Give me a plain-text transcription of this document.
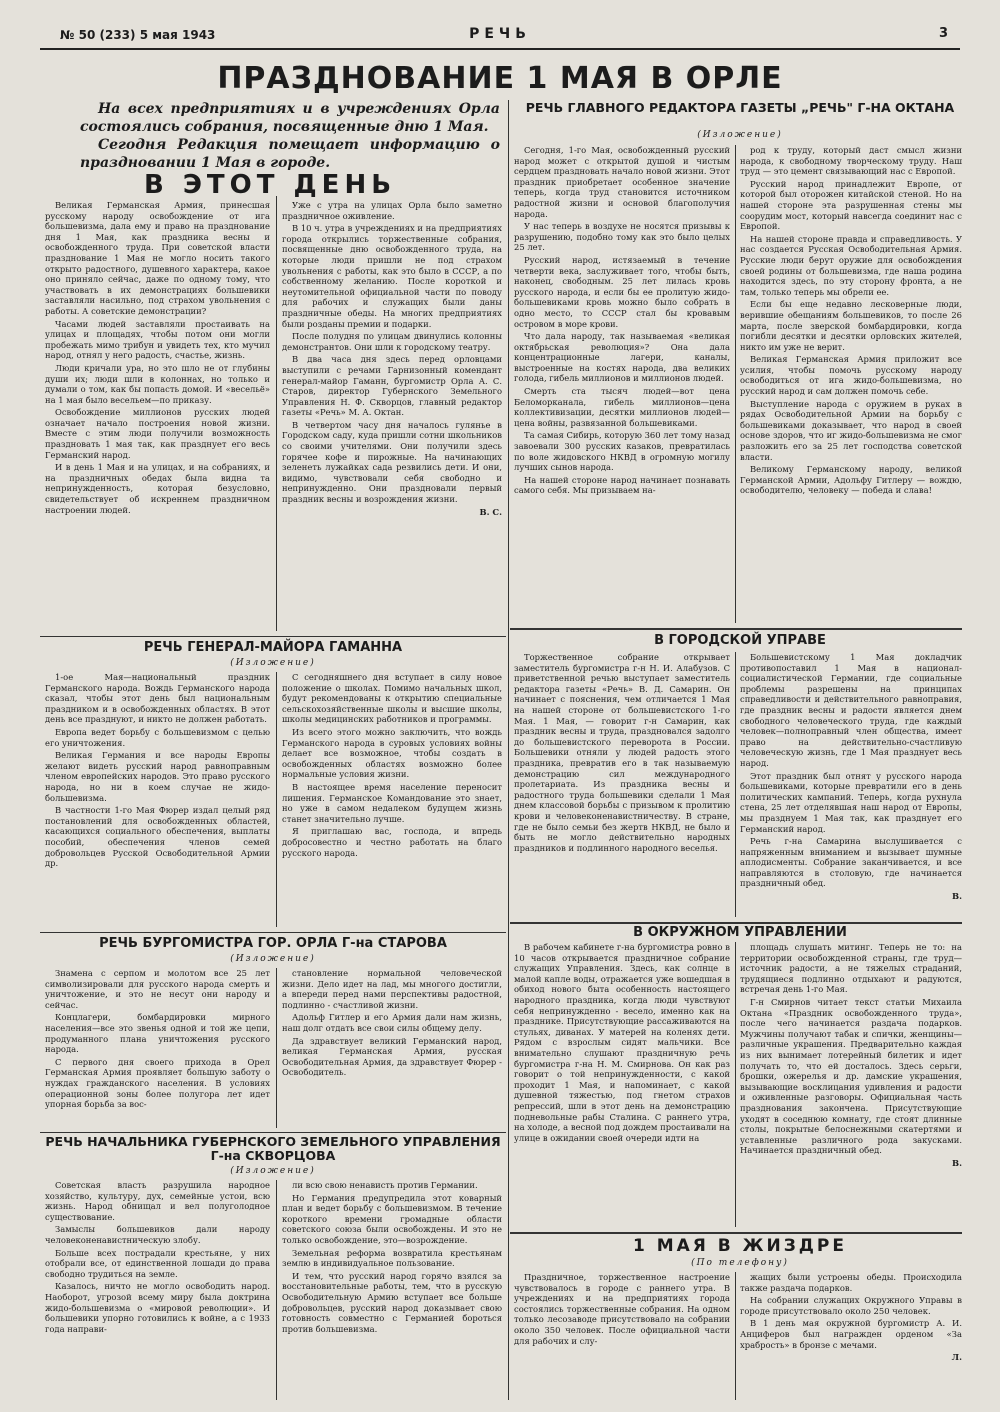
№ 50 (233) 5 мая 1943	РЕЧЬ	3
ПРАЗДНОВАНИЕ 1 МАЯ В ОРЛЕ

На всех предприятиях и в учреждениях Орла состоялись собрания, посвященные дню 1 Мая.

Сегодня Редакция помещает информацию о праздновании 1 Мая в городе.

В ЭТОТ ДЕНЬ

Великая Германская Армия, принесшая русскому народу освобождение от ига большевизма, дала ему и право на празднование дня 1 Мая, как праздника весны и освобожденного труда. При советской власти празднование 1 Мая не могло носить такого открыто радостного, душевного характера, какое оно приняло сейчас, даже по одному тому, что участвовать в их демонстрациях большевики заставляли насильно, под страхом увольнения с работы. А советские демонстрации?

Часами людей заставляли простаивать на улицах и площадях, чтобы потом они могли пробежать мимо трибун и увидеть тех, кто мучил народ, отнял у него радость, счастье, жизнь.

Люди кричали ура, но это шло не от глубины души их; люди шли в колоннах, но только и думали о том, как бы попасть домой. И «весельё» на 1 мая было весельем—по приказу.

Освобождение миллионов русских людей означает начало построения новой жизни. Вместе с этим люди получили возможность праздновать 1 мая так, как празднует его весь Германский народ.

И в день 1 Мая и на улицах, и на собраниях, и на праздничных обедах была видна та непринужденность, которая безусловно, свидетельствует об искреннем праздничном настроении людей.

Уже с утра на улицах Орла было заметно праздничное оживление.

В 10 ч. утра в учреждениях и на предприятиях города открылись торжественные собрания, посвященные дню освобожденного труда, на которые люди пришли не под страхом увольнения с работы, как это было в СССР, а по собственному желанию. После короткой и неутомительной официальной части по поводу для рабочих и служащих были даны праздничные обеды. На многих предприятиях были розданы премии и подарки.

После полудня по улицам двинулись колонны демонстрантов. Они шли к городскому театру.

В два часа дня здесь перед орловцами выступили с речами Гарнизонный комендант генерал-майор Гаманн, бургомистр Орла А. С. Старов, директор Губернского Земельного Управления Н. Ф. Скворцов, главный редактор газеты «Речь» М. А. Октан.

В четвертом часу дня началось гулянье в Городском саду, куда пришли сотни школьников со своими учителями. Они получили здесь горячее кофе и пирожные. На начинающих зеленеть лужайках сада резвились дети. И они, видимо, чувствовали себя свободно и непринужденно. Они праздновали первый праздник весны и возрождения жизни.

В. С.

РЕЧЬ ГЕНЕРАЛ-МАЙОРА ГАМАННА
(Изложение)

1-ое Мая—национальный праздник Германского народа. Вождь Германского народа сказал, чтобы этот день был национальным праздником и в освобожденных областях. В этот день все празднуют, и никто не должен работать.

Европа ведет борьбу с большевизмом с целью его уничтожения.

Великая Германия и все народы Европы желают видеть русский народ равноправным членом европейских народов. Это право русского народа, но ни в коем случае не жидо-большевизма.

В частности 1-го Мая Фюрер издал целый ряд постановлений для освобожденных областей, касающихся социального обеспечения, выплаты пособий, обеспечения членов семей добровольцев Русской Освободительной Армии др.

С сегодняшнего дня вступает в силу новое положение о школах. Помимо начальных школ, будут рекомендованы к открытию специальные сельскохозяйственные школы и высшие школы, школы медицинских работников и программы.

Из всего этого можно заключить, что вождь Германского народа в суровых условиях войны делает все возможное, чтобы создать в освобожденных областях возможно более нормальные условия жизни.

В настоящее время население переносит лишения. Германское Командование это знает, но уже в самом недалеком будущем жизнь станет значительно лучше.

Я приглашаю вас, господа, и впредь добросовестно и честно работать на благо русского народа.

РЕЧЬ БУРГОМИСТРА ГОР. ОРЛА Г-на СТАРОВА
(Изложение)

Знамена с серпом и молотом все 25 лет символизировали для русского народа смерть и уничтожение, и это не несут они народу и сейчас.

Концлагери, бомбардировки мирного населения—все это звенья одной и той же цепи, продуманного плана уничтожения русского народа.

С первого дня своего прихода в Орел Германская Армия проявляет большую заботу о нуждах гражданского населения. В условиях операционной зоны более полугора лет идет упорная борьба за вос-

становление нормальной человеческой жизни. Дело идет на лад, мы многого достигли, а впереди перед нами перспективы радостной, подлинно - счастливой жизни.

Адольф Гитлер и его Армия дали нам жизнь, наш долг отдать все свои силы общему делу.

Да здравствует великий Германский народ, великая Германская Армия, русская Освободительная Армия, да здравствует Фюрер - Освободитель.

РЕЧЬ НАЧАЛЬНИКА ГУБЕРНСКОГО ЗЕМЕЛЬНОГО УПРАВЛЕНИЯ Г-на СКВОРЦОВА
(Изложение)

Советская власть разрушила народное хозяйство, культуру, дух, семейные устои, всю жизнь. Народ обнищал и вел полуголодное существование.

Замыслы большевиков дали народу человеконенавистническую злобу.

Больше всех пострадали крестьяне, у них отобрали все, от единственной лошади до права свободно трудиться на земле.

Казалось, ничто не могло освободить народ. Наоборот, угрозой всему миру была доктрина жидо-большевизма о «мировой революции». И большевики упорно готовились к войне, а с 1933 года направи-

ли всю свою ненависть против Германии.

Но Германия предупредила этот коварный план и ведет борьбу с большевизмом. В течение короткого времени громадные области советского союза были освобождены. И это не только освобождение, это—возрождение.

Земельная реформа возвратила крестьянам землю в индивидуальное пользование.

И тем, что русский народ горячо взялся за восстановительные работы, тем, что в русскую Освободительную Армию вступает все больше добровольцев, русский народ доказывает свою готовность совместно с Германией бороться против большевизма.

РЕЧЬ ГЛАВНОГО РЕДАКТОРА ГАЗЕТЫ „РЕЧЬ" Г-НА ОКТАНА
(Изложение)

Сегодня, 1-го Мая, освобожденный русский народ может с открытой душой и чистым сердцем праздновать начало новой жизни. Этот праздник приобретает особенное значение теперь, когда труд становится источником радостной жизни и основой благополучия народа.

У нас теперь в воздухе не носятся призывы к разрушению, подобно тому как это было целых 25 лет.

Русский народ, истязаемый в течение четверти века, заслуживает того, чтобы быть, наконец, свободным. 25 лет лилась кровь русского народа, и если бы ее пролитую жидо-большевиками кровь можно было собрать в одно место, то СССР стал бы кровавым островом в море крови.

Что дала народу, так называемая «великая октябрьская революция»? Она дала концентрационные лагери, каналы, выстроенные на костях народа, два великих голода, гибель миллионов и миллионов людей.

Смерть ста тысяч людей—вот цена Беломорканала, гибель миллионов—цена коллективизации, десятки миллионов людей—цена войны, развязанной большевиками.

Та самая Сибирь, которую 360 лет тому назад завоевали 300 русских казаков, превратилась по воле жидовского НКВД в огромную могилу лучших сынов народа.

На нашей стороне народ начинает познавать самого себя. Мы призываем на-

род к труду, который даст смысл жизни народа, к свободному творческому труду. Наш труд — это цемент связывающий нас с Европой.

Русский народ принадлежит Европе, от которой был оторожен китайской стеной. Но на нашей стороне эта разрушенная стены мы соорудим мост, который навсегда соединит нас с Европой.

На нашей стороне правда и справедливость. У нас создается Русская Освободительная Армия. Русские люди берут оружие для освобождения своей родины от большевизма, где наша родина находится здесь, по эту сторону фронта, а не там, только теперь мы обрели ее.

Если бы еще недавно лесковерные люди, верившие обещаниям большевиков, то после 26 марта, после зверской бомбардировки, когда погибли десятки и десятки орловских жителей, никто им уже не верит.

Великая Германская Армия приложит все усилия, чтобы помочь русскому народу освободиться от ига жидо-большевизма, но русский народ и сам должен помочь себе.

Выступление народа с оружием в руках в рядах Освободительной Армии на борьбу с большевиками доказывает, что народ в своей основе здоров, что иг жидо-большевизма не смог разложить его за 25 лет господства советской власти.

Великому Германскому народу, великой Германской Армии, Адольфу Гитлеру — вождю, освободителю, человеку — победа и слава!

В ГОРОДСКОЙ УПРАВЕ

Торжественное собрание открывает заместитель бургомистра г-н Н. И. Алабузов. С приветственной речью выступает заместитель редактора газеты «Речь» В. Д. Самарин. Он начинает с пояснения, чем отличается 1 Мая на нашей стороне от большевистского 1-го Мая. 1 Мая, — говорит г-н Самарин, как праздник весны и труда, праздновался задолго до большевистского переворота в России. Большевики отняли у людей радость этого праздника, превратив его в так называемую демонстрацию сил международного пролетариата. Из праздника весны и радостного труда большевики сделали 1 Мая днем классовой борьбы с призывом к пролитию крови и человеконенавистничеству. В стране, где не было семьи без жертв НКВД, не было и быть не могло действительно народных праздников и подлинного народного веселья.

Большевистскому 1 Мая докладчик противопоставил 1 Мая в национал-социалистической Германии, где социальные проблемы разрешены на принципах справедливости и действительного равноправия, где праздник весны и радости является днем свободного человеческого труда, где каждый человек—полноправный член общества, имеет право на действительно-счастливую человеческую жизнь, где 1 Мая празднует весь народ.

Этот праздник был отнят у русского народа большевиками, которые превратили его в день политических кампаний. Теперь, когда рухнула стена, 25 лет отделявшая наш народ от Европы, мы празднуем 1 Мая так, как празднует его Германский народ.

Речь г-на Самарина выслушивается с напряженным вниманием и вызывает шумные аплодисменты. Собрание заканчивается, и все направляются в столовую, где начинается праздничный обед.

В.

В ОКРУЖНОМ УПРАВЛЕНИИ

В рабочем кабинете г-на бургомистра ровно в 10 часов открывается праздничное собрание служащих Управления. Здесь, как солнце в малой капле воды, отражается уже вошедшая в обиход нового быта особенность настоящего народного праздника, когда люди чувствуют себя непринужденно - весело, именно как на празднике. Присутствующие рассаживаются на стульях, диванах. У матерей на коленях дети. Рядом с взрослым сидят мальчики. Все внимательно слушают праздничную речь бургомистра г-на Н. М. Смирнова. Он как раз говорит о той непринужденности, с какой проходит 1 Мая, и напоминает, с какой душевной тяжестью, под гнетом страхов репрессий, шли в этот день на демонстрацию подневольные рабы Сталина. С раннего утра, на холоде, а весной под дождем простаивали на улице в ожидании своей очереди идти на

площадь слушать митинг. Теперь не то: на территории освобожденной страны, где труд—источник радости, а не тяжелых страданий, трудящиеся подлинно отдыхают и радуются, встречая день 1-го Мая.

Г-н Смирнов читает текст статьи Михаила Октана «Праздник освобожденного труда», после чего начинается раздача подарков. Мужчины получают табак и спички, женщины—различные украшения. Предварительно каждая из них вынимает лотерейный билетик и идет получать то, что ей досталось. Здесь серьги, брошки, ожерелья и др. дамские украшения, вызывающие восклицания удивления и радости и оживленные разговоры. Официальная часть празднования закончена. Присутствующие уходят в соседнюю комнату, где стоят длинные столы, покрытые белоснежными скатертями и уставленные различного рода закусками. Начинается праздничный обед.

В.

1 МАЯ В ЖИЗДРЕ
(По телефону)

Праздничное, торжественное настроение чувствовалось в городе с раннего утра. В учреждениях и на предприятиях города состоялись торжественные собрания. На одном только лесозаводе присутствовало на собрании около 350 человек. После официальной части для рабочих и слу-

жащих были устроены обеды. Происходила также раздача подарков.

На собрании служащих Окружного Управы в городе присутствовало около 250 человек.

В 1 день мая окружной бургомистр А. И. Анциферов был награжден орденом «За храбрость» в бронзе с мечами.

Л.
